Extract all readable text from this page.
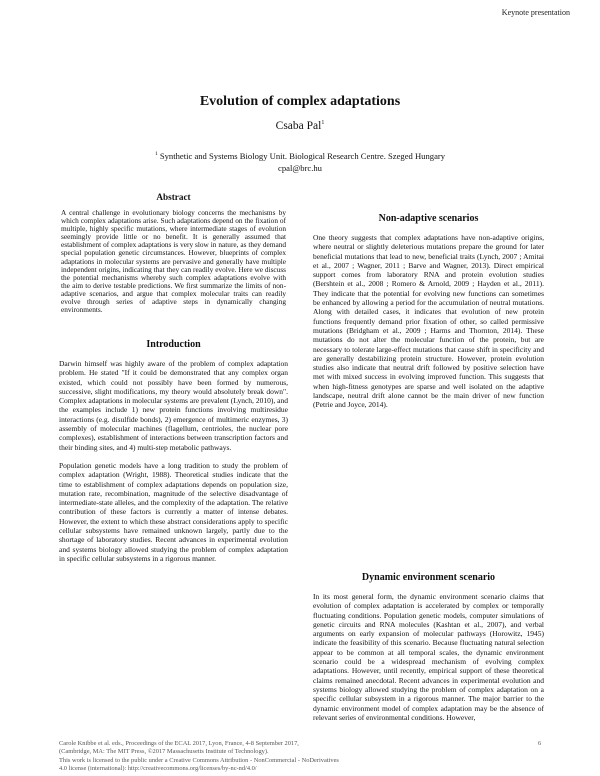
Keynote presentation
Evolution of complex adaptations
Csaba Pal$^1$
$^1$ Synthetic and Systems Biology Unit. Biological Research Centre. Szeged Hungary
cpal@brc.hu
Abstract

A central challenge in evolutionary biology concerns the mechanisms by which complex adaptations arise. Such adaptations depend on the fixation of multiple, highly specific mutations, where intermediate stages of evolution seemingly provide little or no benefit. It is generally assumed that establishment of complex adaptations is very slow in nature, as they demand special population genetic circumstances. However, blueprints of complex adaptations in molecular systems are pervasive and generally have multiple independent origins, indicating that they can readily evolve. Here we discuss the potential mechanisms whereby such complex adaptations evolve with the aim to derive testable predictions. We first summarize the limits of non-adaptive scenarios, and argue that complex molecular traits can readily evolve through series of adaptive steps in dynamically changing environments.

Introduction

Darwin himself was highly aware of the problem of complex adaptation problem. He stated "If it could be demonstrated that any complex organ existed, which could not possibly have been formed by numerous, successive, slight modifications, my theory would absolutely break down". Complex adaptations in molecular systems are prevalent (Lynch, 2010), and the examples include 1) new protein functions involving multiresidue interactions (e.g. disulfide bonds), 2) emergence of multimeric enzymes, 3) assembly of molecular machines (flagellum, centrioles, the nuclear pore complexes), establishment of interactions between transcription factors and their binding sites, and 4) multi-step metabolic pathways.

Population genetic models have a long tradition to study the problem of complex adaptation (Wright, 1988). Theoretical studies indicate that the time to establishment of complex adaptations depends on population size, mutation rate, recombination, magnitude of the selective disadvantage of intermediate-state alleles, and the complexity of the adaptation. The relative contribution of these factors is currently a matter of intense debates. However, the extent to which these abstract considerations apply to specific cellular subsystems have remained unknown largely, partly due to the shortage of laboratory studies. Recent advances in experimental evolution and systems biology allowed studying the problem of complex adaptation in specific cellular subsystems in a rigorous manner.

Non-adaptive scenarios

One theory suggests that complex adaptations have non-adaptive origins, where neutral or slightly deleterious mutations prepare the ground for later beneficial mutations that lead to new, beneficial traits (Lynch, 2007 ; Amitai et al., 2007 ; Wagner, 2011 ; Barve and Wagner, 2013). Direct empirical support comes from laboratory RNA and protein evolution studies (Bershtein et al., 2008 ; Romero & Arnold, 2009 ; Hayden et al., 2011). They indicate that the potential for evolving new functions can sometimes be enhanced by allowing a period for the accumulation of neutral mutations. Along with detailed cases, it indicates that evolution of new protein functions frequently demand prior fixation of other, so called permissive mutations (Bridgham et al., 2009 ; Harms and Thornton, 2014). These mutations do not alter the molecular function of the protein, but are necessary to tolerate large-effect mutations that cause shift in specificity and are generally destabilizing protein structure. However, protein evolution studies also indicate that neutral drift followed by positive selection have met with mixed success in evolving improved function. This suggests that when high-fitness genotypes are sparse and well isolated on the adaptive landscape, neutral drift alone cannot be the main driver of new function (Petrie and Joyce, 2014).

Dynamic environment scenario

In its most general form, the dynamic environment scenario claims that evolution of complex adaptation is accelerated by complex or temporally fluctuating conditions. Population genetic models, computer simulations of genetic circuits and RNA molecules (Kashtan et al., 2007), and verbal arguments on early expansion of molecular pathways (Horowitz, 1945) indicate the feasibility of this scenario. Because fluctuating natural selection appear to be common at all temporal scales, the dynamic environment scenario could be a widespread mechanism of evolving complex adaptations. However, until recently, empirical support of these theoretical claims remained anecdotal. Recent advances in experimental evolution and systems biology allowed studying the problem of complex adaptation on a specific cellular subsystem in a rigorous manner. The major barrier to the dynamic environment model of complex adaptation may be the absence of relevant series of environmental conditions. However,

Carole Knibbe et al. eds., Proceedings of the ECAL 2017, Lyon, France, 4-8 September 2017,
(Cambridge, MA: The MIT Press, ©2017 Massachusetts Institute of Technology).
This work is licensed to the public under a Creative Commons Attribution - NonCommercial - NoDerivatives
4.0 license (international): http://creativecommons.org/licenses/by-nc-nd/4.0/
6
